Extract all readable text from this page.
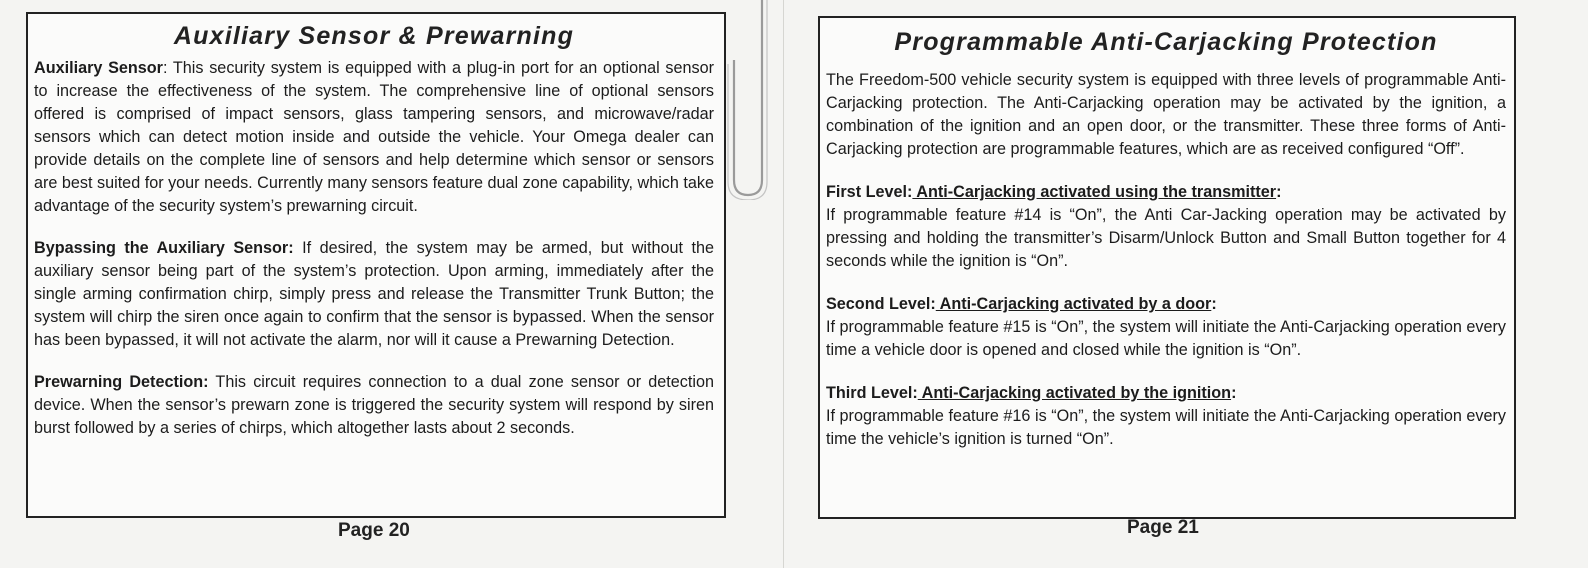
Auxiliary Sensor & Prewarning

Auxiliary Sensor: This security system is equipped with a plug-in port for an optional sensor to increase the effectiveness of the system. The comprehensive line of optional sensors offered is comprised of impact sensors, glass tampering sensors, and microwave/radar sensors which can detect motion inside and outside the vehicle. Your Omega dealer can provide details on the complete line of sensors and help determine which sensor or sensors are best suited for your needs. Currently many sensors feature dual zone capability, which take advantage of the security system’s prewarning circuit.

Bypassing the Auxiliary Sensor: If desired, the system may be armed, but without the auxiliary sensor being part of the system’s protection. Upon arming, immediately after the single arming confirmation chirp, simply press and release the Transmitter Trunk Button; the system will chirp the siren once again to confirm that the sensor is bypassed. When the sensor has been bypassed, it will not activate the alarm, nor will it cause a Prewarning Detection.

Prewarning Detection: This circuit requires connection to a dual zone sensor or detection device. When the sensor’s prewarn zone is triggered the security system will respond by siren burst followed by a series of chirps, which altogether lasts about 2 seconds.

Page 20
Programmable Anti-Carjacking Protection

The Freedom-500 vehicle security system is equipped with three levels of programmable Anti-Carjacking protection. The Anti-Carjacking operation may be activated by the ignition, a combination of the ignition and an open door, or the transmitter. These three forms of Anti-Carjacking protection are programmable features, which are as received configured “Off”.

First Level: Anti-Carjacking activated using the transmitter:
If programmable feature #14 is “On”, the Anti Car-Jacking operation may be activated by pressing and holding the transmitter’s Disarm/Unlock Button and Small Button together for 4 seconds while the ignition is “On”.

Second Level: Anti-Carjacking activated by a door:
If programmable feature #15 is “On”, the system will initiate the Anti-Carjacking operation every time a vehicle door is opened and closed while the ignition is “On”.

Third Level: Anti-Carjacking activated by the ignition:
If programmable feature #16 is “On”, the system will initiate the Anti-Carjacking operation every time the vehicle’s ignition is turned “On”.

Page 21
